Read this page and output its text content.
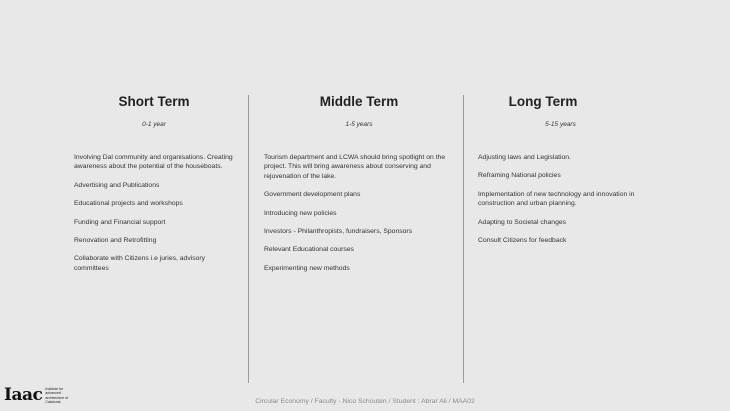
Short Term
0-1 year
Involving Dal community and organisations. Creating awareness about the potential of the houseboats.
Advertising and Publications
Educational projects and workshops
Funding and Financial support
Renovation and Retrofitting
Collaborate with Citizens i.e juries, advisory committees
Middle Term
1-5 years
Tourism department and LCWA should bring spotlight on the project. This will bring awareness about conserving and rejuvenation of the lake.
Government development plans
Introducing new policies
Investors - Philanthropists, fundraisers, Sponsors
Relevant Educational courses
Experimenting new methods
Long Term
5-15 years
Adjusting laws and Legislation.
Reframing National policies
Implementation of new technology and innovation in construction and urban planning.
Adapting to Societal changes
Consult Citizens for feedback
Iaac Institute for advanced architecture of Catalonia	Circular Economy / Faculty - Nico Schouten / Student : Abrar Ali / MAA02
